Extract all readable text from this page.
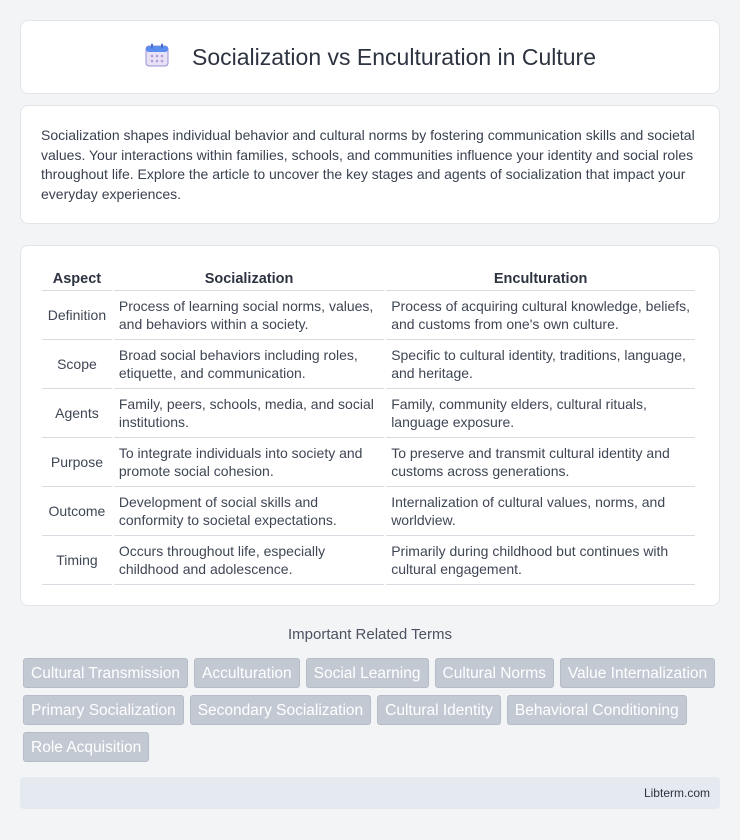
Socialization vs Enculturation in Culture

Socialization shapes individual behavior and cultural norms by fostering communication skills and societal values. Your interactions within families, schools, and communities influence your identity and social roles throughout life. Explore the article to uncover the key stages and agents of socialization that impact your everyday experiences.

Aspect	Socialization	Enculturation
Definition	Process of learning social norms, values, and behaviors within a society.	Process of acquiring cultural knowledge, beliefs, and customs from one's own culture.
Scope	Broad social behaviors including roles, etiquette, and communication.	Specific to cultural identity, traditions, language, and heritage.
Agents	Family, peers, schools, media, and social institutions.	Family, community elders, cultural rituals, language exposure.
Purpose	To integrate individuals into society and promote social cohesion.	To preserve and transmit cultural identity and customs across generations.
Outcome	Development of social skills and conformity to societal expectations.	Internalization of cultural values, norms, and worldview.
Timing	Occurs throughout life, especially childhood and adolescence.	Primarily during childhood but continues with cultural engagement.
Important Related Terms
Cultural Transmission	Acculturation	Social Learning	Cultural Norms	Value Internalization
Primary Socialization	Secondary Socialization	Cultural Identity	Behavioral Conditioning
Role Acquisition
Libterm.com
